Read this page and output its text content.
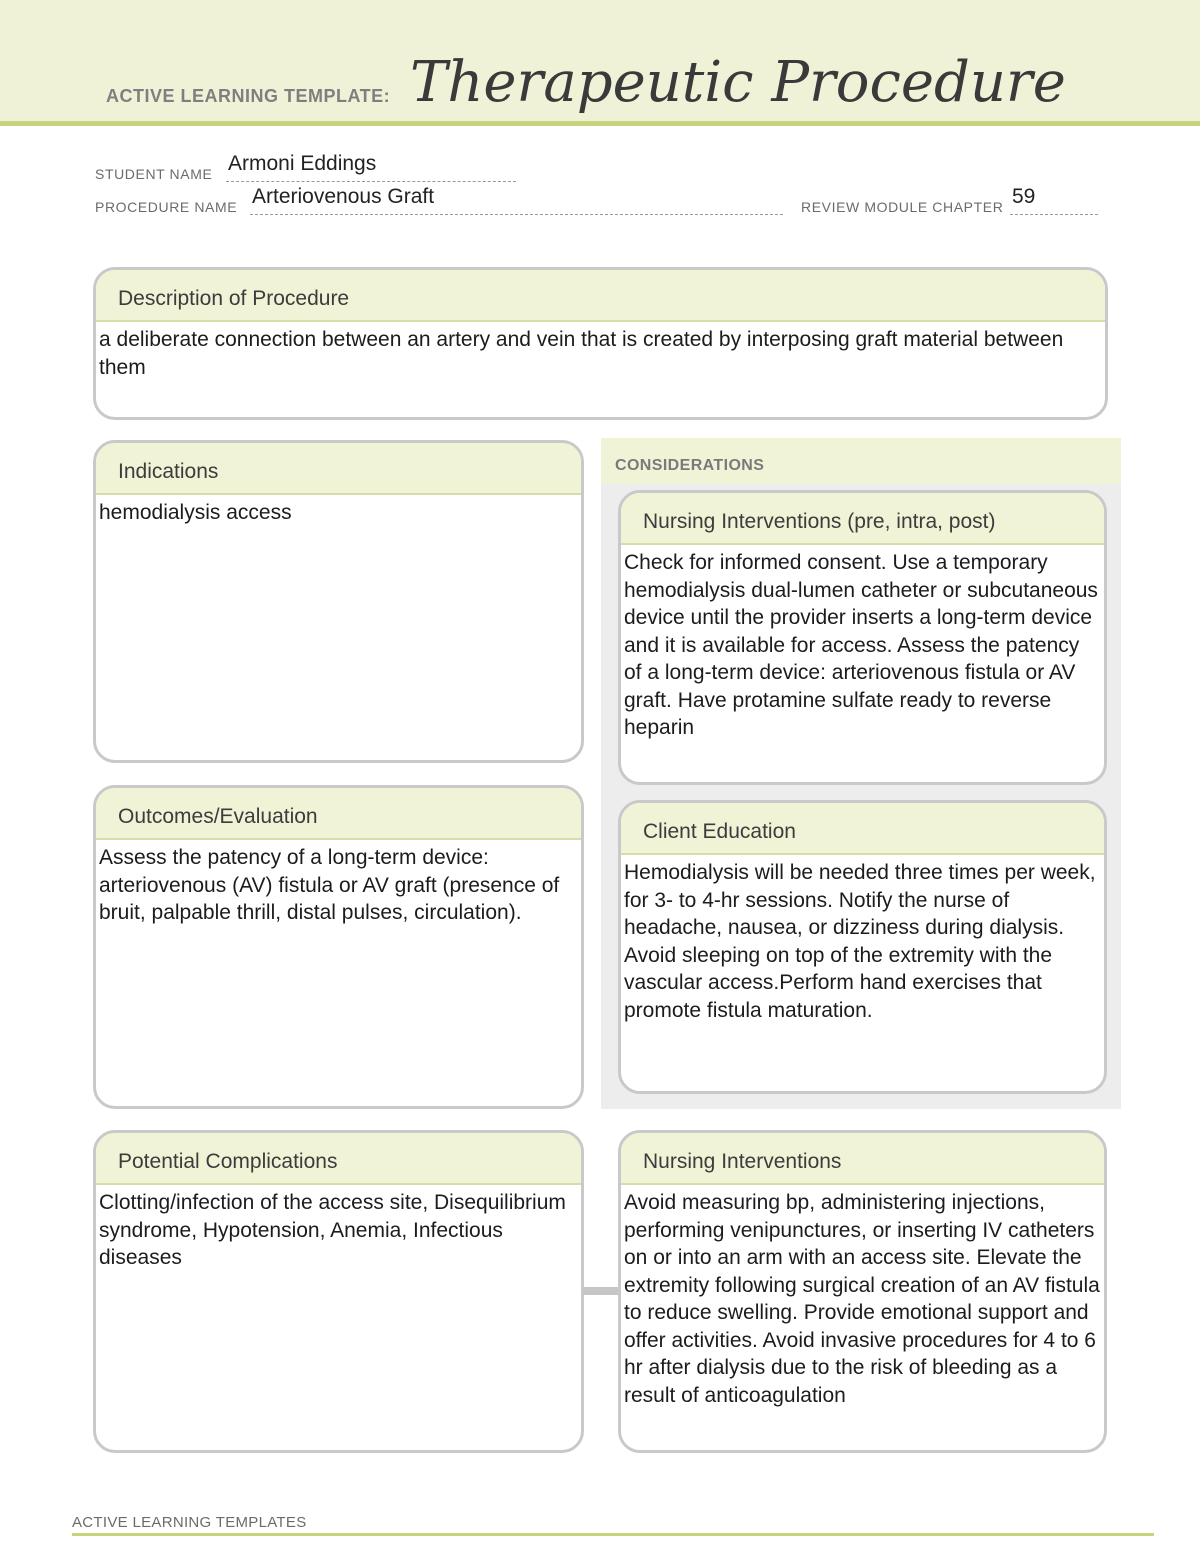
ACTIVE LEARNING TEMPLATE: Therapeutic Procedure
STUDENT NAME Armoni Eddings
PROCEDURE NAME Arteriovenous Graft	REVIEW MODULE CHAPTER 59
Description of Procedure
a deliberate connection between an artery and vein that is created by interposing graft material between them
Indications
hemodialysis access
CONSIDERATIONS
Nursing Interventions (pre, intra, post)
Check for informed consent. Use a temporary hemodialysis dual-lumen catheter or subcutaneous device until the provider inserts a long-term device and it is available for access. Assess the patency of a long-term device: arteriovenous fistula or AV graft. Have protamine sulfate ready to reverse heparin
Client Education
Hemodialysis will be needed three times per week, for 3- to 4-hr sessions. Notify the nurse of headache, nausea, or dizziness during dialysis. Avoid sleeping on top of the extremity with the vascular access.Perform hand exercises that promote fistula maturation.
Outcomes/Evaluation
Assess the patency of a long-term device: arteriovenous (AV) fistula or AV graft (presence of bruit, palpable thrill, distal pulses, circulation).
Potential Complications
Clotting/infection of the access site, Disequilibrium syndrome, Hypotension, Anemia, Infectious diseases
Nursing Interventions
Avoid measuring bp, administering injections, performing venipunctures, or inserting IV catheters on or into an arm with an access site. Elevate the extremity following surgical creation of an AV fistula to reduce swelling. Provide emotional support and offer activities. Avoid invasive procedures for 4 to 6 hr after dialysis due to the risk of bleeding as a result of anticoagulation
ACTIVE LEARNING TEMPLATES
